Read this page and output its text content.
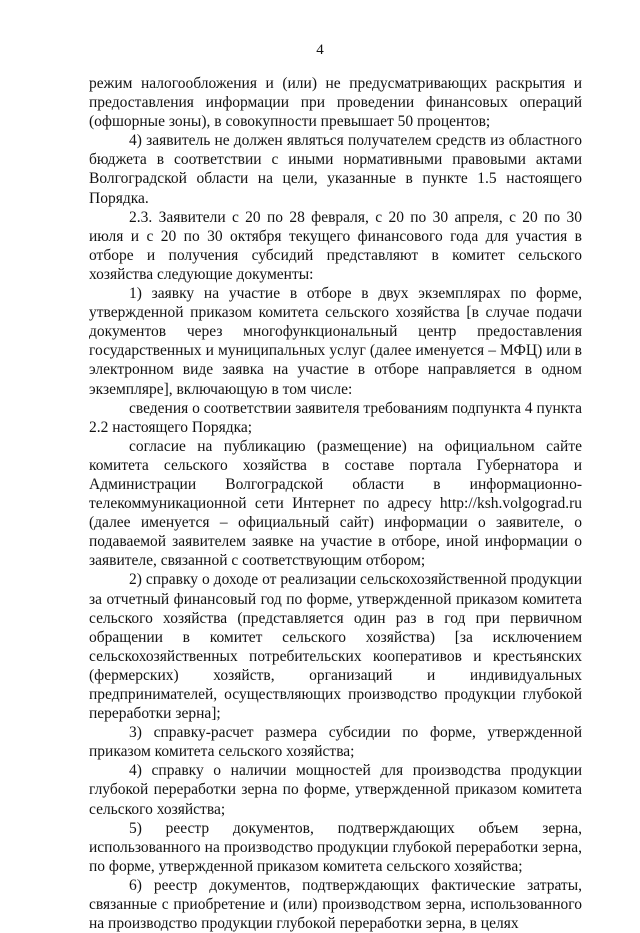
4

режим налогообложения и (или) не предусматривающих раскрытия и предоставления информации при проведении финансовых операций (офшорные зоны), в совокупности превышает 50 процентов;

4) заявитель не должен являться получателем средств из областного бюджета в соответствии с иными нормативными правовыми актами Волгоградской области на цели, указанные в пункте 1.5 настоящего Порядка.

2.3. Заявители с 20 по 28 февраля, с 20 по 30 апреля, с 20 по 30 июля и с 20 по 30 октября текущего финансового года для участия в отборе и получения субсидий представляют в комитет сельского хозяйства следующие документы:

1) заявку на участие в отборе в двух экземплярах по форме, утвержденной приказом комитета сельского хозяйства [в случае подачи документов через многофункциональный центр предоставления государственных и муниципальных услуг (далее именуется – МФЦ) или в электронном виде заявка на участие в отборе направляется в одном экземпляре], включающую в том числе:

сведения о соответствии заявителя требованиям подпункта 4 пункта 2.2 настоящего Порядка;

согласие на публикацию (размещение) на официальном сайте комитета сельского хозяйства в составе портала Губернатора и Администрации Волгоградской области в информационно-телекоммуникационной сети Интернет по адресу http://ksh.volgograd.ru (далее именуется – официальный сайт) информации о заявителе, о подаваемой заявителем заявке на участие в отборе, иной информации о заявителе, связанной с соответствующим отбором;

2) справку о доходе от реализации сельскохозяйственной продукции за отчетный финансовый год по форме, утвержденной приказом комитета сельского хозяйства (представляется один раз в год при первичном обращении в комитет сельского хозяйства) [за исключением сельскохозяйственных потребительских кооперативов и крестьянских (фермерских) хозяйств, организаций и индивидуальных предпринимателей, осуществляющих производство продукции глубокой переработки зерна];

3) справку-расчет размера субсидии по форме, утвержденной приказом комитета сельского хозяйства;

4) справку о наличии мощностей для производства продукции глубокой переработки зерна по форме, утвержденной приказом комитета сельского хозяйства;

5) реестр документов, подтверждающих объем зерна, использованного на производство продукции глубокой переработки зерна, по форме, утвержденной приказом комитета сельского хозяйства;

6) реестр документов, подтверждающих фактические затраты, связанные с приобретение и (или) производством зерна, использованного на производство продукции глубокой переработки зерна, в целях
